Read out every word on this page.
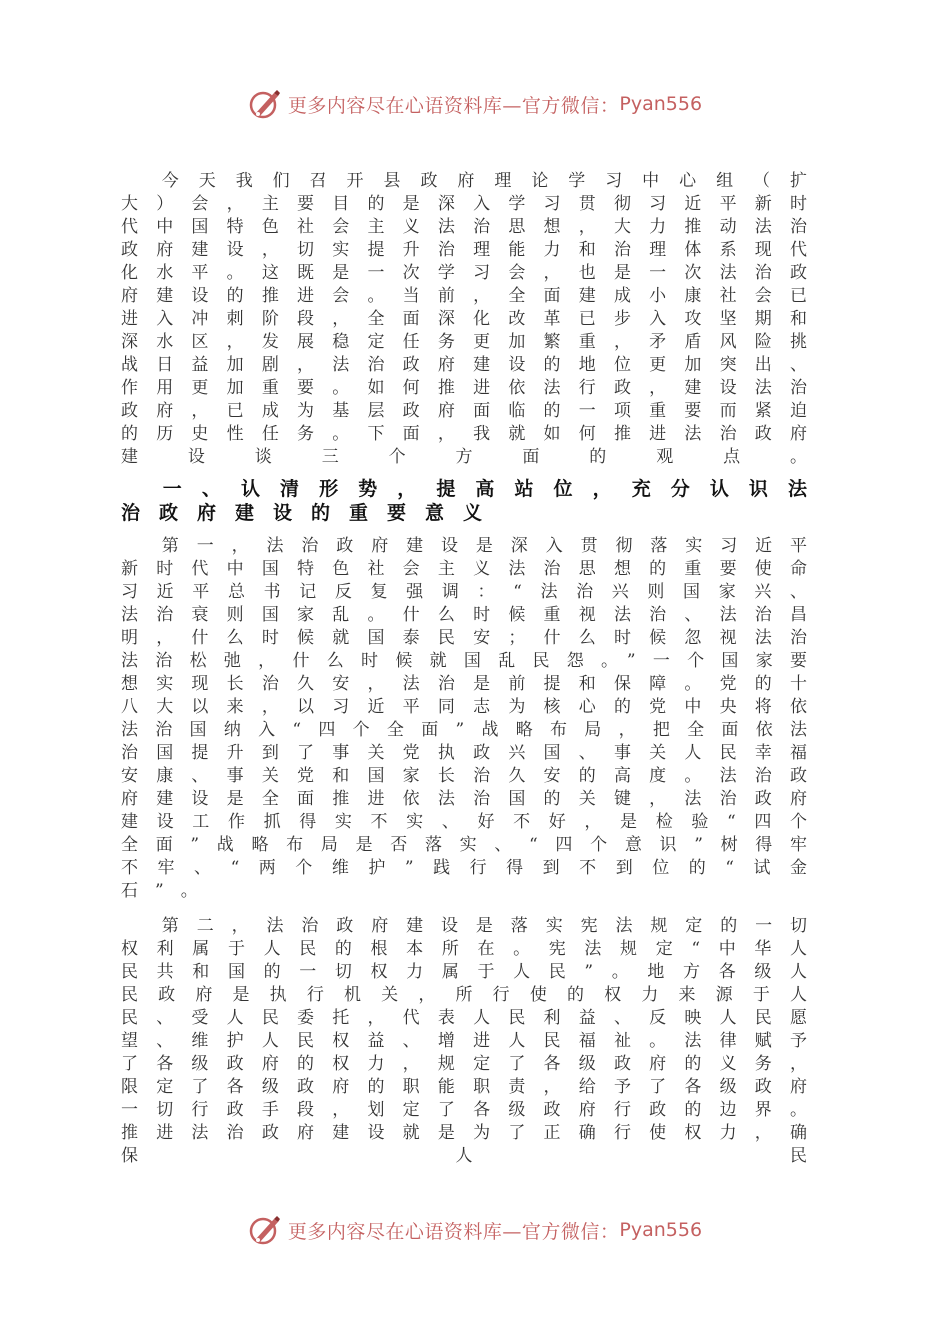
更多内容尽在心语资料库—官方微信： Pyan556

今天我们召开县政府理论学习中心组（扩大）会，主要目的是深入学习贯彻习近平新时代中国特色社会主义法治思想，大力推动法治政府建设，切实提升治理能力和治理体系现代化水平。这既是一次学习会，也是一次法治政府建设的推进会。当前，全面建成小康社会已进入冲刺阶段，全面深化改革已步入攻坚期和深水区，发展稳定任务更加繁重，矛盾风险挑战日益加剧，法治政府建设的地位更加突出、作用更加重要。如何推进依法行政，建设法治政府，已成为基层政府面临的一项重要而紧迫的历史性任务。下面，我就如何推进法治政府建设谈三个方面的观点。

一、认清形势，提高站位，充分认识法治政府建设的重要意义

第一，法治政府建设是深入贯彻落实习近平新时代中国特色社会主义法治思想的重要使命习近平总书记反复强调：“法治兴则国家兴、法治衰则国家乱。什么时候重视法治、法治昌明，什么时候就国泰民安；什么时候忽视法治法治松弛，什么时候就国乱民怨。”一个国家要想实现长治久安，法治是前提和保障。党的十八大以来，以习近平同志为核心的党中央将依法治国纳入“四个全面”战略布局，把全面依法治国提升到了事关党执政兴国、事关人民幸福安康、事关党和国家长治久安的高度。法治政府建设是全面推进依法治国的关键，法治政府建设工作抓得实不实、好不好，是检验“四个全面”战略布局是否落实、“四个意识”树得牢不牢、“两个维护”践行得到不到位的“试金石”。

第二，法治政府建设是落实宪法规定的一切权利属于人民的根本所在。宪法规定“中华人民共和国的一切权力属于人民”。地方各级人民政府是执行机关，所行使的权力来源于人民、受人民委托，代表人民利益、反映人民愿望、维护人民权益、增进人民福祉。法律赋予了各级政府的权力，规定了各级政府的义务，限定了各级政府的职能职责，给予了各级政府一切行政手段，划定了各级政府行政的边界。推进法治政府建设就是为了正确行使权力，确保人民

更多内容尽在心语资料库—官方微信： Pyan556
